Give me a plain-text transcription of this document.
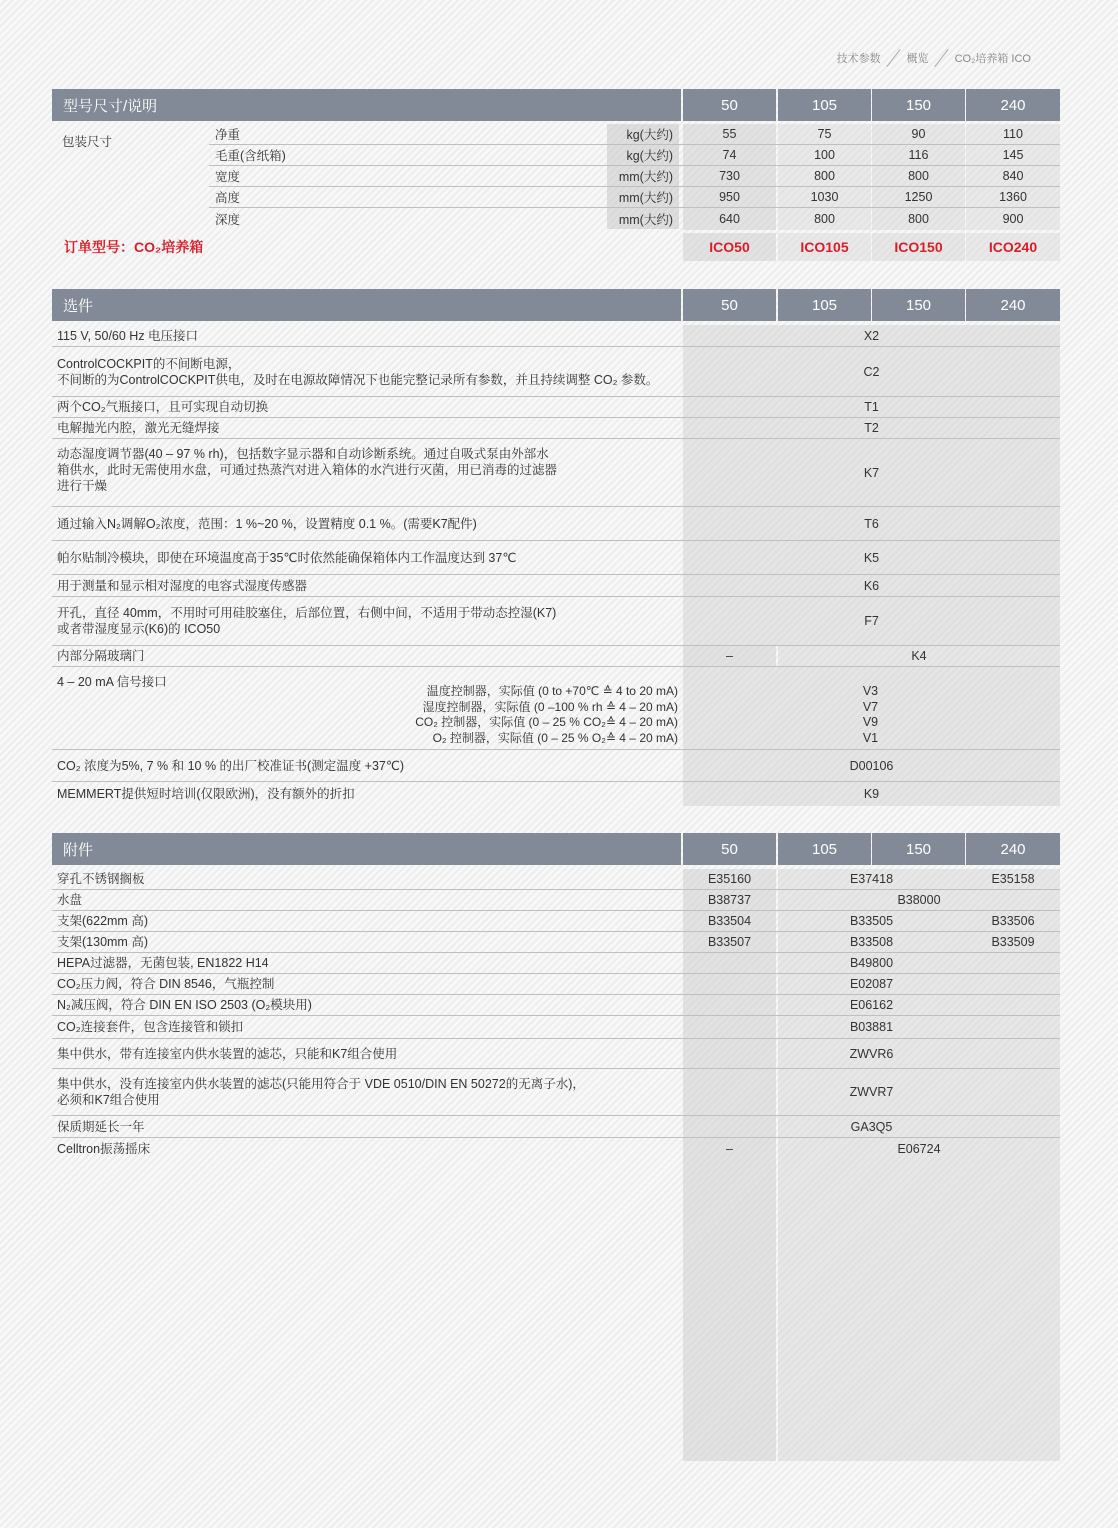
技术参数 概览 CO₂培养箱 ICO
型号尺寸/说明	50	105	150	240
包装尺寸	净重	kg(大约)	55	75	90	110
毛重(含纸箱)	kg(大约)	74	100	116	145
宽度	mm(大约)	730	800	800	840
高度	mm(大约)	950	1030	1250	1360
深度	mm(大约)	640	800	800	900
订单型号：CO₂培养箱	ICO50	ICO105	ICO150	ICO240
选件	50	105	150	240
115 V, 50/60 Hz 电压接口	X2
ControlCOCKPIT的不间断电源，
不间断的为ControlCOCKPIT供电，及时在电源故障情况下也能完整记录所有参数，并且持续调整 CO₂ 参数。
C2
两个CO₂气瓶接口，且可实现自动切换	T1
电解抛光内腔，激光无缝焊接	T2
动态湿度调节器(40 – 97 % rh)，包括数字显示器和自动诊断系统。通过自吸式泵由外部水
箱供水，此时无需使用水盘，可通过热蒸汽对进入箱体的水汽进行灭菌，用已消毒的过滤器
进行干燥
K7
通过输入N₂调解O₂浓度，范围：1 %~20 %，设置精度 0.1 %。(需要K7配件)	T6
帕尔贴制冷模块，即使在环境温度高于35℃时依然能确保箱体内工作温度达到 37℃	K5
用于测量和显示相对湿度的电容式湿度传感器	K6
开孔，直径 40mm，不用时可用硅胶塞住，后部位置，右侧中间，不适用于带动态控湿(K7)
或者带湿度显示(K6)的 ICO50
F7
内部分隔玻璃门	–	K4
4 – 20 mA 信号接口
温度控制器，实际值 (0 to +70℃ ≙ 4 to 20 mA)
湿度控制器，实际值 (0 –100 % rh ≙ 4 – 20 mA)
CO₂ 控制器，实际值 (0 – 25 % CO₂≙ 4 – 20 mA)
O₂ 控制器，实际值 (0 – 25 % O₂≙ 4 – 20 mA)
V3
V7
V9
V1
CO₂ 浓度为5%, 7 % 和 10 % 的出厂校准证书(测定温度 +37℃)	D00106
MEMMERT提供短时培训(仅限欧洲)，没有额外的折扣	K9
附件	50	105	150	240
穿孔不锈钢搁板	E35160	E37418	E35158
水盘	B38737	B38000
支架(622mm 高)	B33504	B33505	B33506
支架(130mm 高)	B33507	B33508	B33509
HEPA过滤器，无菌包装, EN1822 H14	B49800
CO₂压力阀，符合 DIN 8546，气瓶控制	E02087
N₂减压阀，符合 DIN EN ISO 2503 (O₂模块用)	E06162
CO₂连接套件，包含连接管和锁扣	B03881
集中供水，带有连接室内供水装置的滤芯，只能和K7组合使用	ZWVR6
集中供水，没有连接室内供水装置的滤芯(只能用符合于 VDE 0510/DIN EN 50272的无离子水)，
必须和K7组合使用
ZWVR7
保质期延长一年	GA3Q5
Celltron振荡摇床	–	E06724
